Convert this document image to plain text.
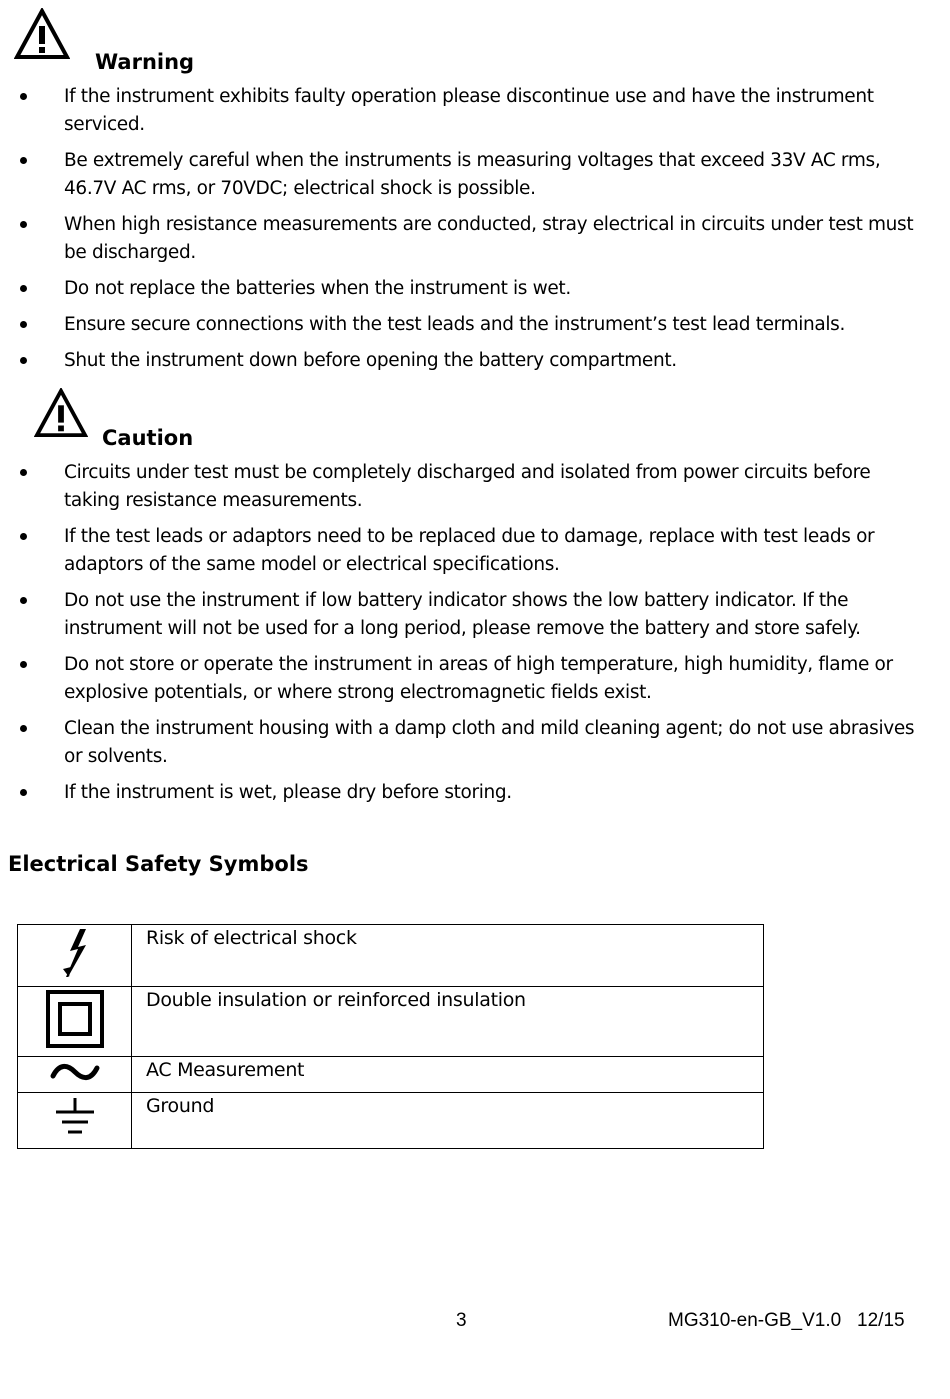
Warning
If the instrument exhibits faulty operation please discontinue use and have the instrument serviced.
Be extremely careful when the instruments is measuring voltages that exceed 33V AC rms, 46.7V AC rms, or 70VDC; electrical shock is possible.
When high resistance measurements are conducted, stray electrical in circuits under test must be discharged.
Do not replace the batteries when the instrument is wet.
Ensure secure connections with the test leads and the instrument’s test lead terminals.
Shut the instrument down before opening the battery compartment.
Caution
Circuits under test must be completely discharged and isolated from power circuits before taking resistance measurements.
If the test leads or adaptors need to be replaced due to damage, replace with test leads or adaptors of the same model or electrical specifications.
Do not use the instrument if low battery indicator shows the low battery indicator. If the instrument will not be used for a long period, please remove the battery and store safely.
Do not store or operate the instrument in areas of high temperature, high humidity, flame or explosive potentials, or where strong electromagnetic fields exist.
Clean the instrument housing with a damp cloth and mild cleaning agent; do not use abrasives or solvents.
If the instrument is wet, please dry before storing.
Electrical Safety Symbols
	Risk of electrical shock
	Double insulation or reinforced insulation
	AC Measurement
	Ground
3	MG310-en-GB_V1.0   12/15
